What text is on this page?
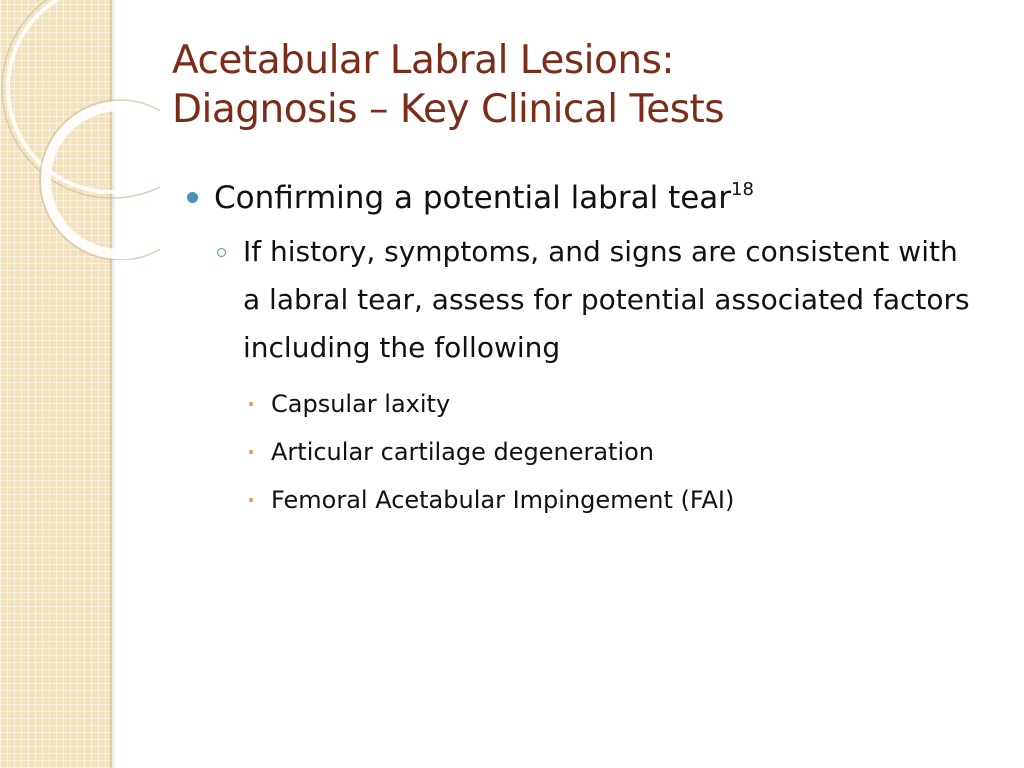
Acetabular Labral Lesions:
Diagnosis – Key Clinical Tests
Confirming a potential labral tear$^{18}$
If history, symptoms, and signs are consistent with a labral tear, assess for potential associated factors including the following
Capsular laxity
Articular cartilage degeneration
Femoral Acetabular Impingement (FAI)
